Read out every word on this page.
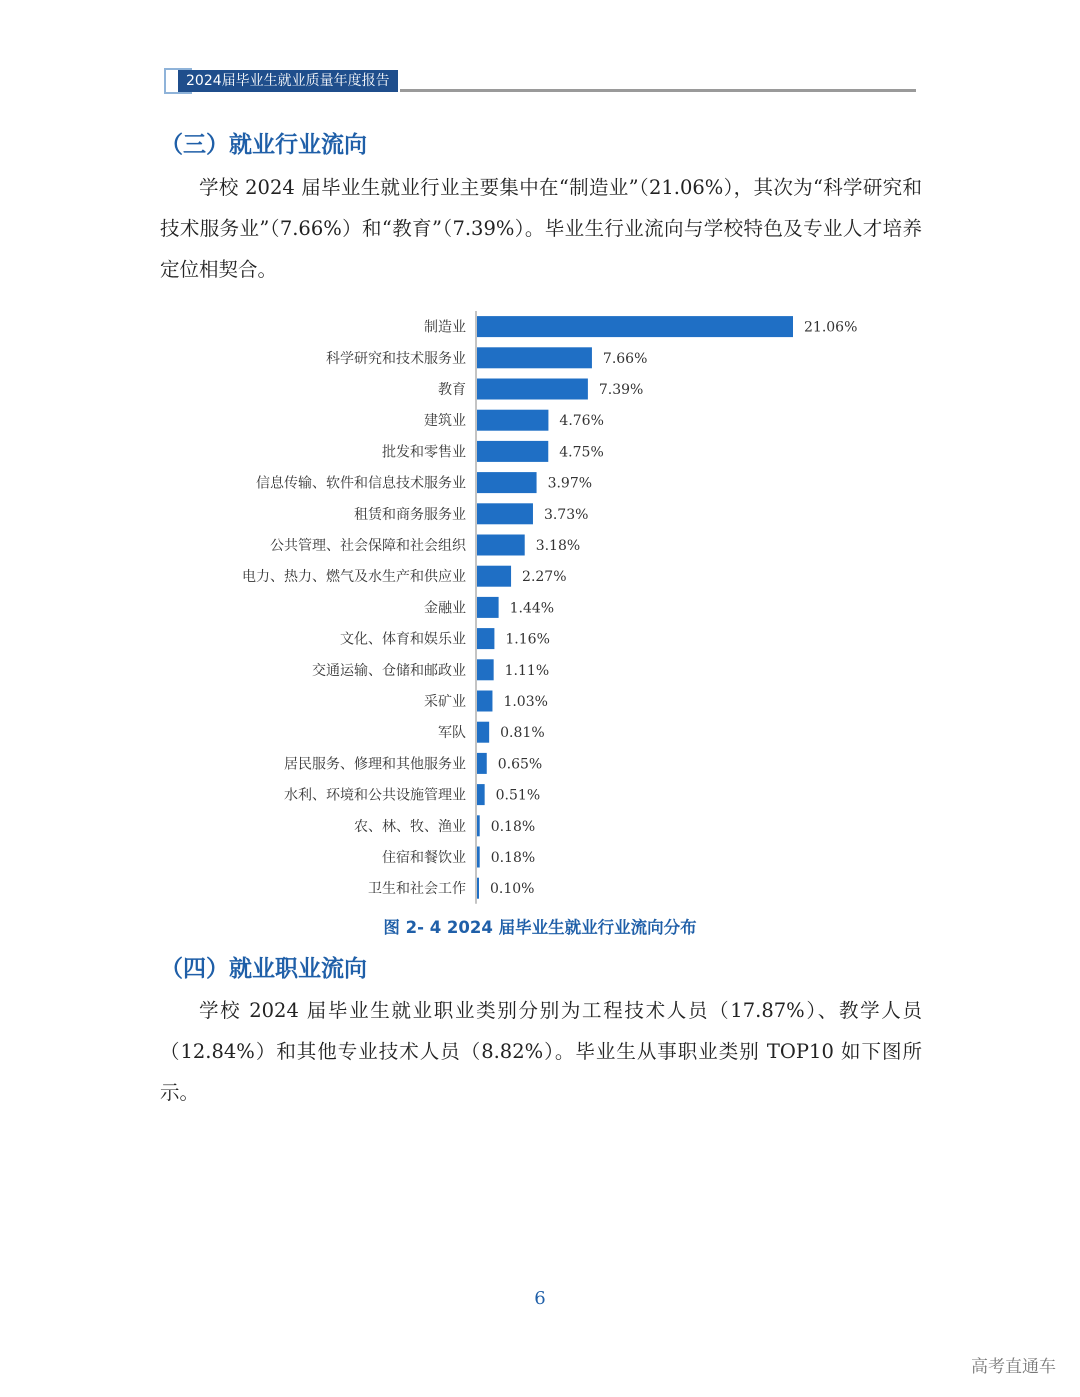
2024届毕业生就业质量年度报告
（三）就业行业流向
学校 2024 届毕业生就业行业主要集中在“制造业”（21.06%），其次为“科学研究和技术服务业”（7.66%）和“教育”（7.39%）。毕业生行业流向与学校特色及专业人才培养定位相契合。
制造业	21.06%
科学研究和技术服务业	7.66%
教育	7.39%
建筑业	4.76%
批发和零售业	4.75%
信息传输、软件和信息技术服务业	3.97%
租赁和商务服务业	3.73%
公共管理、社会保障和社会组织	3.18%
电力、热力、燃气及水生产和供应业	2.27%
金融业	1.44%
文化、体育和娱乐业	1.16%
交通运输、仓储和邮政业	1.11%
采矿业	1.03%
军队 0.81%
居民服务、修理和其他服务业 0.65%
水利、环境和公共设施管理业 0.51%
农、林、牧、渔业 0.18%
住宿和餐饮业 0.18%
卫生和社会工作 0.10%
图 2- 4 2024 届毕业生就业行业流向分布
（四）就业职业流向
学校 2024 届毕业生就业职业类别分别为工程技术人员（17.87%）、教学人员（12.84%）和其他专业技术人员（8.82%）。毕业生从事职业类别 TOP10 如下图所示。
6
高考直通车
